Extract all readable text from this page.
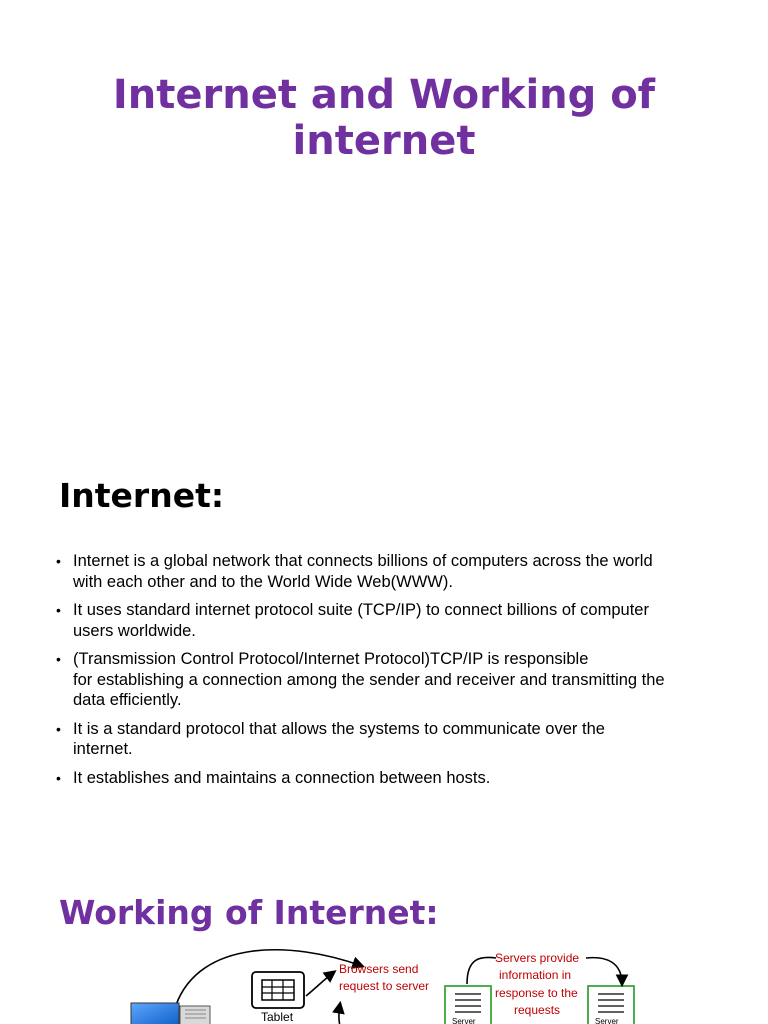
Internet and Working of
internet
Internet:
• Internet is a global network that connects billions of computers across the world
with each other and to the World Wide Web(WWW).
• It uses standard internet protocol suite (TCP/IP) to connect billions of computer
users worldwide.
• (Transmission Control Protocol/Internet Protocol)TCP/IP is responsible
for establishing a connection among the sender and receiver and transmitting the
data efficiently.
• It is a standard protocol that allows the systems to communicate over the
internet.
• It establishes and maintains a connection between hosts.
Working of Internet:
Tablet
Browsers send
request to server
Server	Server
Servers provide
information in
response to the
requests
